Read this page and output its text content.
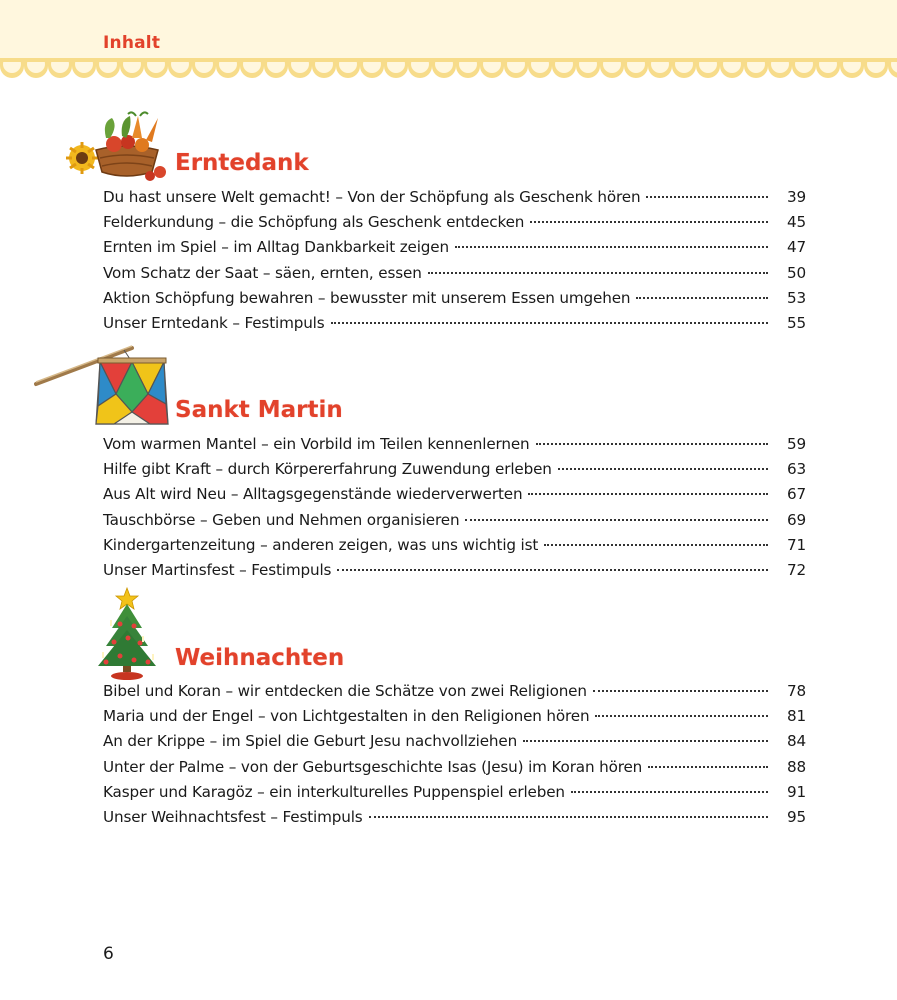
Inhalt
Erntedank
Du hast unsere Welt gemacht! – Von der Schöpfung als Geschenk hören	39
Felderkundung – die Schöpfung als Geschenk entdecken	45
Ernten im Spiel – im Alltag Dankbarkeit zeigen	47
Vom Schatz der Saat – säen, ernten, essen	50
Aktion Schöpfung bewahren – bewusster mit unserem Essen umgehen	53
Unser Erntedank – Festimpuls	55
Sankt Martin
Vom warmen Mantel – ein Vorbild im Teilen kennenlernen	59
Hilfe gibt Kraft – durch Körpererfahrung Zuwendung erleben	63
Aus Alt wird Neu – Alltagsgegenstände wiederverwerten	67
Tauschbörse – Geben und Nehmen organisieren	69
Kindergartenzeitung – anderen zeigen, was uns wichtig ist	71
Unser Martinsfest – Festimpuls	72
Weihnachten
Bibel und Koran – wir entdecken die Schätze von zwei Religionen	78
Maria und der Engel – von Lichtgestalten in den Religionen hören	81
An der Krippe – im Spiel die Geburt Jesu nachvollziehen	84
Unter der Palme – von der Geburtsgeschichte Isas (Jesu) im Koran hören	88
Kasper und Karagöz – ein interkulturelles Puppenspiel erleben	91
Unser Weihnachtsfest – Festimpuls	95
6
